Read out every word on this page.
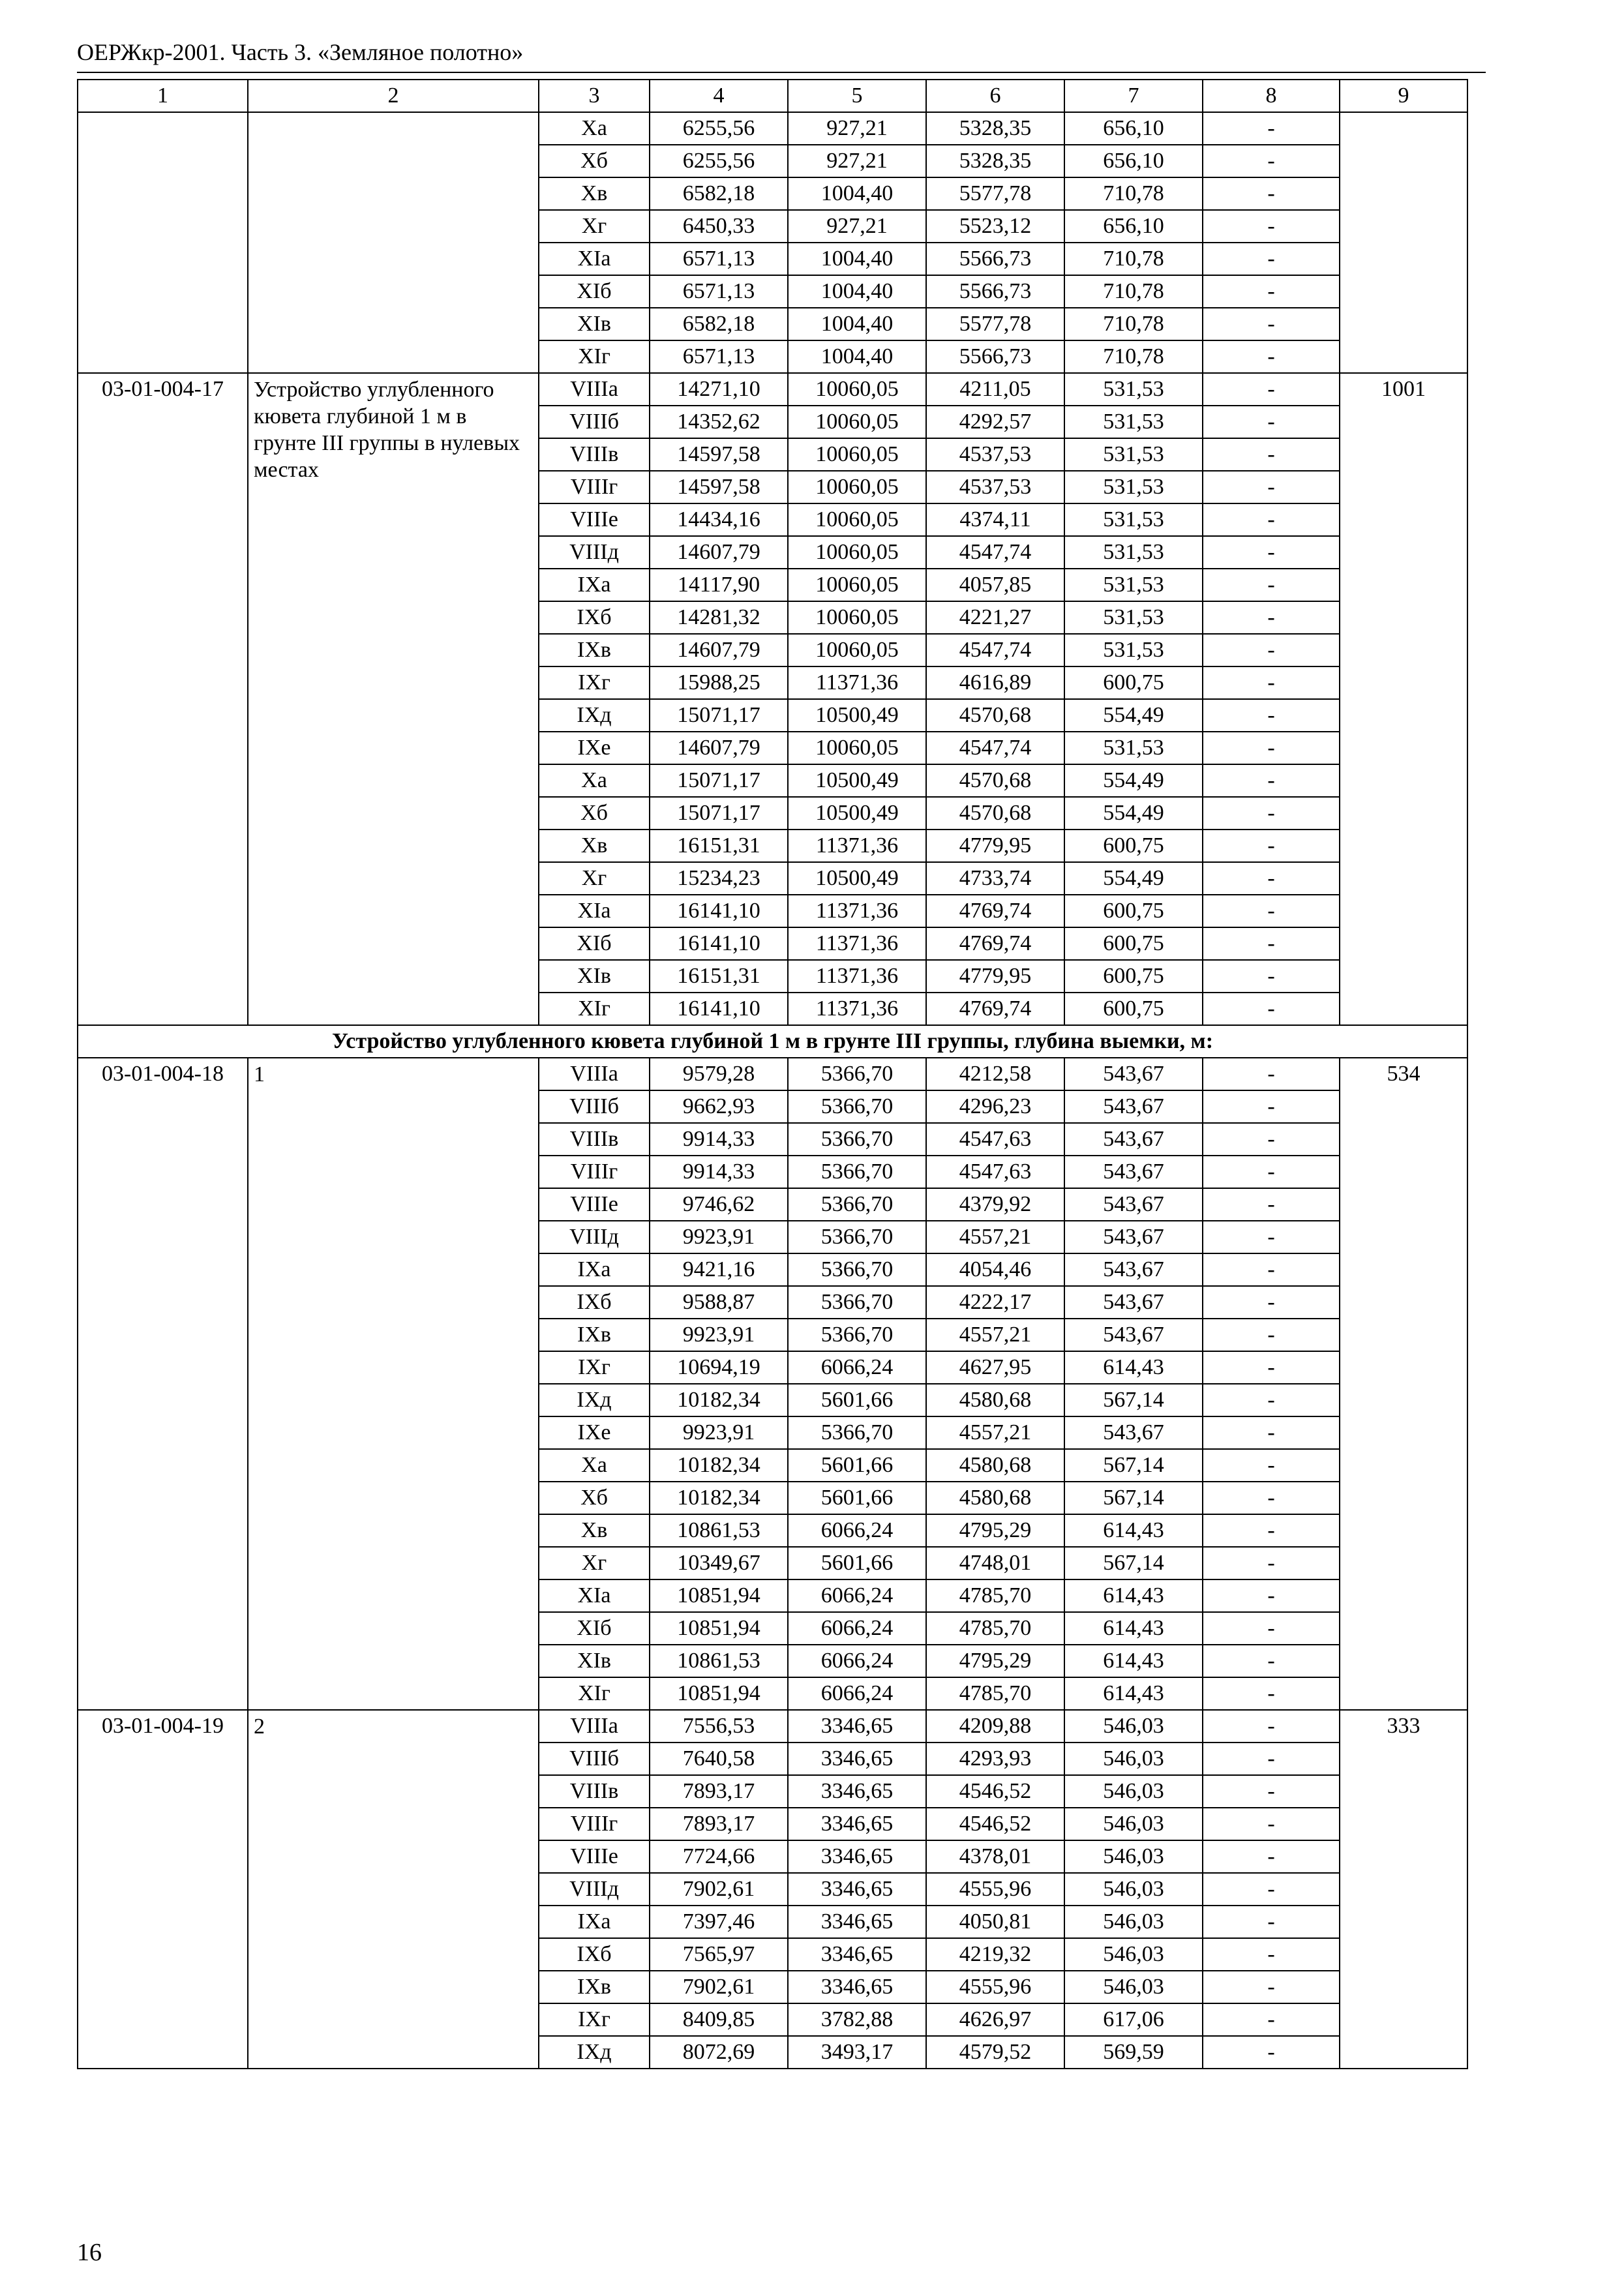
ОЕРЖкр-2001. Часть 3. «Земляное полотно»
1	2	3	4	5	6	7	8	9
		Xa	6255,56	927,21	5328,35	656,10	-	
		Xб	6255,56	927,21	5328,35	656,10	-	
		Xв	6582,18	1004,40	5577,78	710,78	-	
		Xг	6450,33	927,21	5523,12	656,10	-	
		XIa	6571,13	1004,40	5566,73	710,78	-	
		XIб	6571,13	1004,40	5566,73	710,78	-	
		XIв	6582,18	1004,40	5577,78	710,78	-	
		XIг	6571,13	1004,40	5566,73	710,78	-	
03-01-004-17	Устройство углубленного кювета глубиной 1 м в грунте III группы в нулевых местах	VIIIa	14271,10	10060,05	4211,05	531,53	-	1001
		VIIIб	14352,62	10060,05	4292,57	531,53	-	
		VIIIв	14597,58	10060,05	4537,53	531,53	-	
		VIIIг	14597,58	10060,05	4537,53	531,53	-	
		VIIIе	14434,16	10060,05	4374,11	531,53	-	
		VIIIд	14607,79	10060,05	4547,74	531,53	-	
		IXa	14117,90	10060,05	4057,85	531,53	-	
		IXб	14281,32	10060,05	4221,27	531,53	-	
		IXв	14607,79	10060,05	4547,74	531,53	-	
		IXг	15988,25	11371,36	4616,89	600,75	-	
		IXд	15071,17	10500,49	4570,68	554,49	-	
		IXе	14607,79	10060,05	4547,74	531,53	-	
		Xa	15071,17	10500,49	4570,68	554,49	-	
		Xб	15071,17	10500,49	4570,68	554,49	-	
		Xв	16151,31	11371,36	4779,95	600,75	-	
		Xг	15234,23	10500,49	4733,74	554,49	-	
		XIa	16141,10	11371,36	4769,74	600,75	-	
		XIб	16141,10	11371,36	4769,74	600,75	-	
		XIв	16151,31	11371,36	4779,95	600,75	-	
		XIг	16141,10	11371,36	4769,74	600,75	-	
Устройство углубленного кювета глубиной 1 м в грунте III группы, глубина выемки, м:								
03-01-004-18	1	VIIIa	9579,28	5366,70	4212,58	543,67	-	534
		VIIIб	9662,93	5366,70	4296,23	543,67	-	
		VIIIв	9914,33	5366,70	4547,63	543,67	-	
		VIIIг	9914,33	5366,70	4547,63	543,67	-	
		VIIIе	9746,62	5366,70	4379,92	543,67	-	
		VIIIд	9923,91	5366,70	4557,21	543,67	-	
		IXa	9421,16	5366,70	4054,46	543,67	-	
		IXб	9588,87	5366,70	4222,17	543,67	-	
		IXв	9923,91	5366,70	4557,21	543,67	-	
		IXг	10694,19	6066,24	4627,95	614,43	-	
		IXд	10182,34	5601,66	4580,68	567,14	-	
		IXе	9923,91	5366,70	4557,21	543,67	-	
		Xa	10182,34	5601,66	4580,68	567,14	-	
		Xб	10182,34	5601,66	4580,68	567,14	-	
		Xв	10861,53	6066,24	4795,29	614,43	-	
		Xг	10349,67	5601,66	4748,01	567,14	-	
		XIa	10851,94	6066,24	4785,70	614,43	-	
		XIб	10851,94	6066,24	4785,70	614,43	-	
		XIв	10861,53	6066,24	4795,29	614,43	-	
		XIг	10851,94	6066,24	4785,70	614,43	-	
03-01-004-19	2	VIIIa	7556,53	3346,65	4209,88	546,03	-	333
		VIIIб	7640,58	3346,65	4293,93	546,03	-	
		VIIIв	7893,17	3346,65	4546,52	546,03	-	
		VIIIг	7893,17	3346,65	4546,52	546,03	-	
		VIIIе	7724,66	3346,65	4378,01	546,03	-	
		VIIIд	7902,61	3346,65	4555,96	546,03	-	
		IXa	7397,46	3346,65	4050,81	546,03	-	
		IXб	7565,97	3346,65	4219,32	546,03	-	
		IXв	7902,61	3346,65	4555,96	546,03	-	
		IXг	8409,85	3782,88	4626,97	617,06	-	
		IXд	8072,69	3493,17	4579,52	569,59	-	
16
